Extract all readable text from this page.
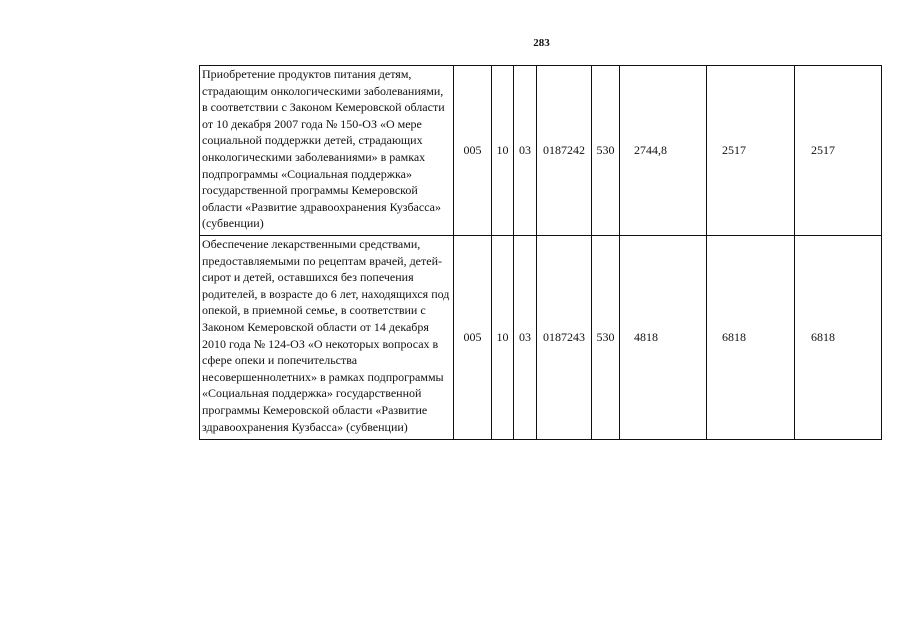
283
Приобретение продуктов питания детям, страдающим онкологическими заболеваниями, в соответствии с Законом Кемеровской области от 10 декабря 2007 года № 150-ОЗ «О мере социальной поддержки детей, страдающих онкологическими заболеваниями» в рамках подпрограммы «Социальная поддержка» государственной программы Кемеровской области «Развитие здравоохранения Кузбасса» (субвенции)	005	10	03	0187242	530	2744,8	2517	2517
Обеспечение лекарственными средствами, предоставляемыми по рецептам врачей, детей-сирот и детей, оставшихся без попечения родителей, в возрасте до 6 лет, находящихся под опекой, в приемной семье, в соответствии с Законом Кемеровской области от 14 декабря 2010 года № 124-ОЗ «О некоторых вопросах в сфере опеки и попечительства несовершеннолетних» в рамках подпрограммы «Социальная поддержка» государственной программы Кемеровской области «Развитие здравоохранения Кузбасса» (субвенции)	005	10	03	0187243	530	4818	6818	6818
